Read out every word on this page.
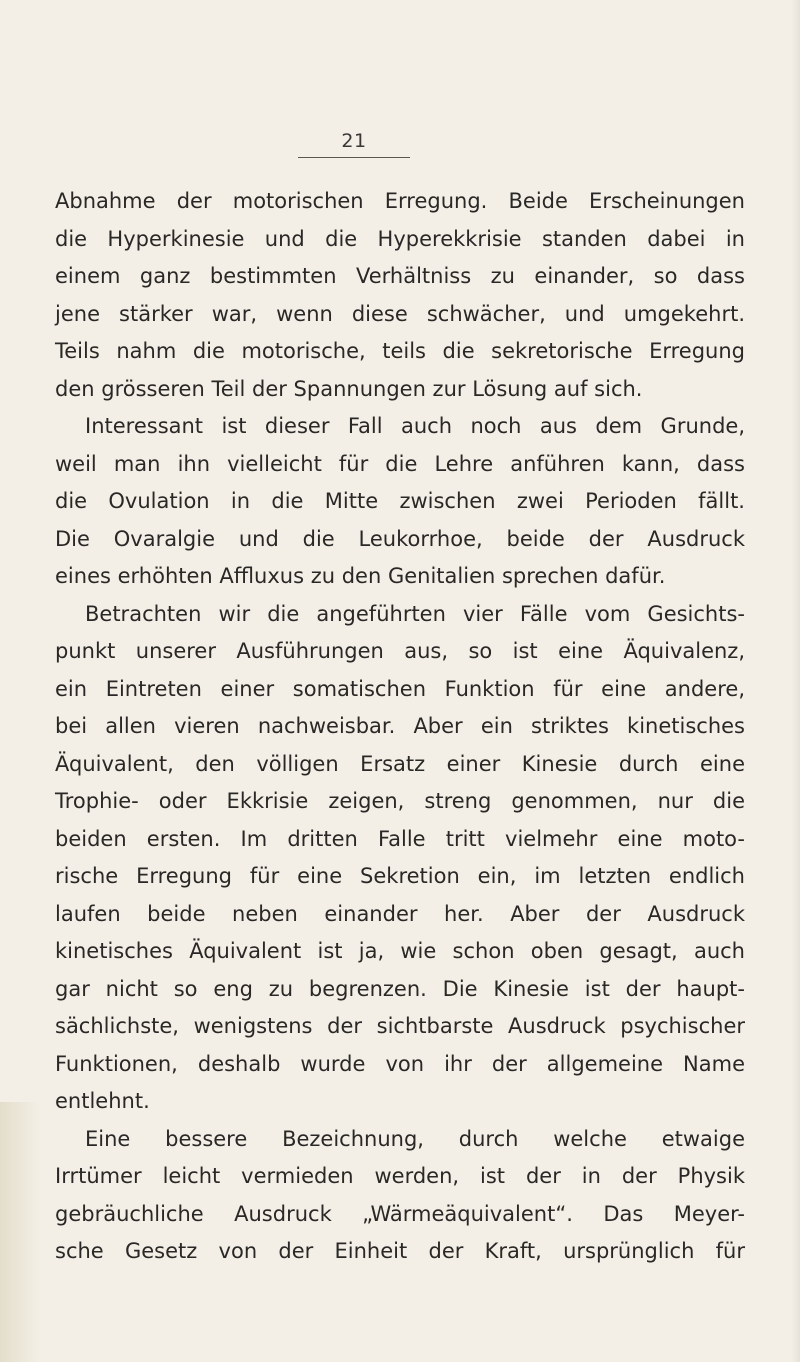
21
Abnahme der motorischen Erregung. Beide Erscheinungen
die Hyperkinesie und die Hyperekkrisie standen dabei in
einem ganz bestimmten Verhältniss zu einander, so dass
jene stärker war, wenn diese schwächer, und umgekehrt.
Teils nahm die motorische, teils die sekretorische Erregung
den grösseren Teil der Spannungen zur Lösung auf sich.
Interessant ist dieser Fall auch noch aus dem Grunde,
weil man ihn vielleicht für die Lehre anführen kann, dass
die Ovulation in die Mitte zwischen zwei Perioden fällt.
Die Ovaralgie und die Leukorrhoe, beide der Ausdruck
eines erhöhten Affluxus zu den Genitalien sprechen dafür.
Betrachten wir die angeführten vier Fälle vom Gesichts-
punkt unserer Ausführungen aus, so ist eine Äquivalenz,
ein Eintreten einer somatischen Funktion für eine andere,
bei allen vieren nachweisbar. Aber ein striktes kinetisches
Äquivalent, den völligen Ersatz einer Kinesie durch eine
Trophie- oder Ekkrisie zeigen, streng genommen, nur die
beiden ersten. Im dritten Falle tritt vielmehr eine moto-
rische Erregung für eine Sekretion ein, im letzten endlich
laufen beide neben einander her. Aber der Ausdruck
kinetisches Äquivalent ist ja, wie schon oben gesagt, auch
gar nicht so eng zu begrenzen. Die Kinesie ist der haupt-
sächlichste, wenigstens der sichtbarste Ausdruck psychischer
Funktionen, deshalb wurde von ihr der allgemeine Name
entlehnt.
Eine bessere Bezeichnung, durch welche etwaige
Irrtümer leicht vermieden werden, ist der in der Physik
gebräuchliche Ausdruck „Wärmeäquivalent“. Das Meyer-
sche Gesetz von der Einheit der Kraft, ursprünglich für
